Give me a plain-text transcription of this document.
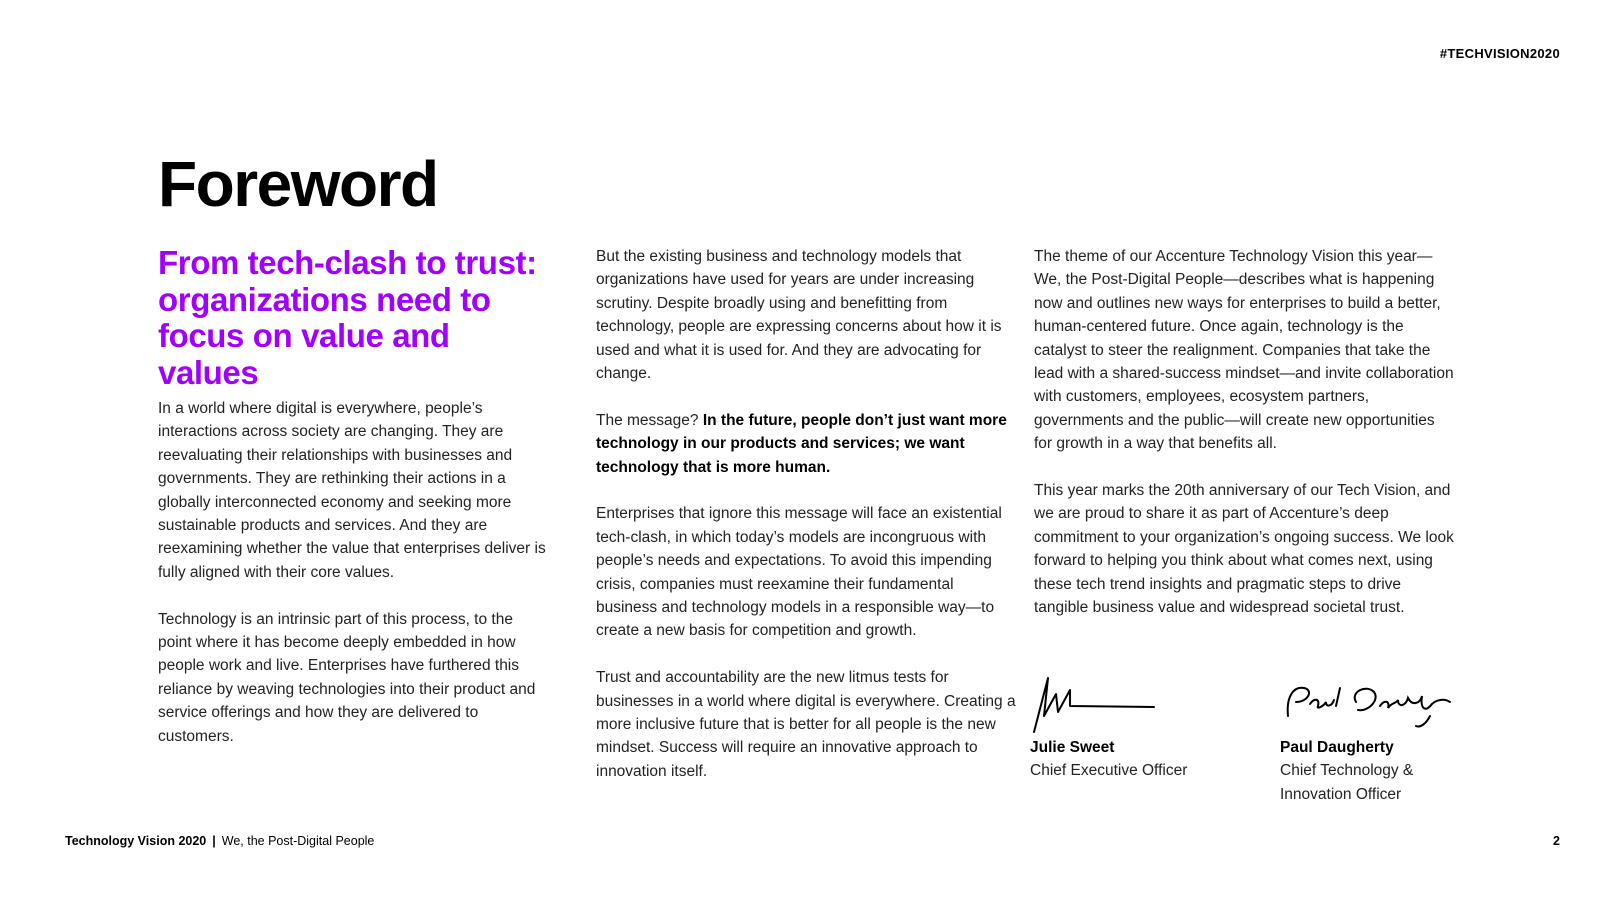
#TECHVISION2020
Foreword
From tech-clash to trust: organizations need to focus on value and values

In a world where digital is everywhere, people’s interactions across society are changing. They are reevaluating their relationships with businesses and governments. They are rethinking their actions in a globally interconnected economy and seeking more sustainable products and services. And they are reexamining whether the value that enterprises deliver is fully aligned with their core values.

Technology is an intrinsic part of this process, to the point where it has become deeply embedded in how people work and live. Enterprises have furthered this reliance by weaving technologies into their product and service offerings and how they are delivered to customers.

But the existing business and technology models that organizations have used for years are under increasing scrutiny. Despite broadly using and benefitting from technology, people are expressing concerns about how it is used and what it is used for. And they are advocating for change.

The message? In the future, people don’t just want more technology in our products and services; we want technology that is more human.

Enterprises that ignore this message will face an existential tech-clash, in which today’s models are incongruous with people’s needs and expectations. To avoid this impending crisis, companies must reexamine their fundamental business and technology models in a responsible way—to create a new basis for competition and growth.

Trust and accountability are the new litmus tests for businesses in a world where digital is everywhere. Creating a more inclusive future that is better for all people is the new mindset. Success will require an innovative approach to innovation itself.

The theme of our Accenture Technology Vision this year—We, the Post-Digital People—describes what is happening now and outlines new ways for enterprises to build a better, human-centered future. Once again, technology is the catalyst to steer the realignment. Companies that take the lead with a shared-success mindset—and invite collaboration with customers, employees, ecosystem partners, governments and the public—will create new opportunities for growth in a way that benefits all.

This year marks the 20th anniversary of our Tech Vision, and we are proud to share it as part of Accenture’s deep commitment to your organization’s ongoing success. We look forward to helping you think about what comes next, using these tech trend insights and pragmatic steps to drive tangible business value and widespread societal trust.

Julie Sweet
Chief Executive Officer
Paul Daugherty
Chief Technology & Innovation Officer
Technology Vision 2020 | We, the Post-Digital People	2
